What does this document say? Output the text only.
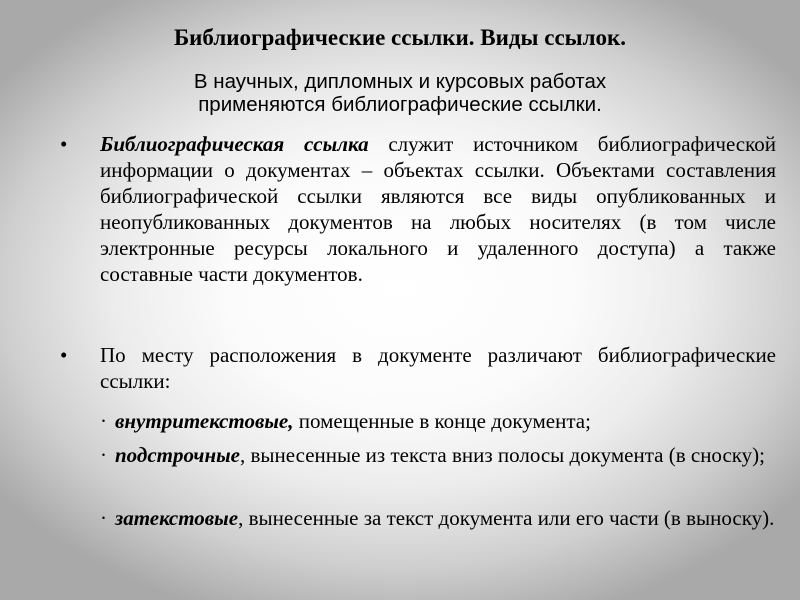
Библиографические ссылки. Виды ссылок.
В научных, дипломных и курсовых работах
применяются библиографические ссылки.
• Библиографическая ссылка служит источником библиографической информации о документах – объектах ссылки. Объектами составления библиографической ссылки являются все виды опубликованных и неопубликованных документов на любых носителях (в том числе электронные ресурсы локального и удаленного доступа) а также составные части документов.
• По месту расположения в документе различают библиографические ссылки:
· внутритекстовые, помещенные в конце документа;
· подстрочные, вынесенные из текста вниз полосы документа (в сноску);
· затекстовые, вынесенные за текст документа или его части (в выноску).
